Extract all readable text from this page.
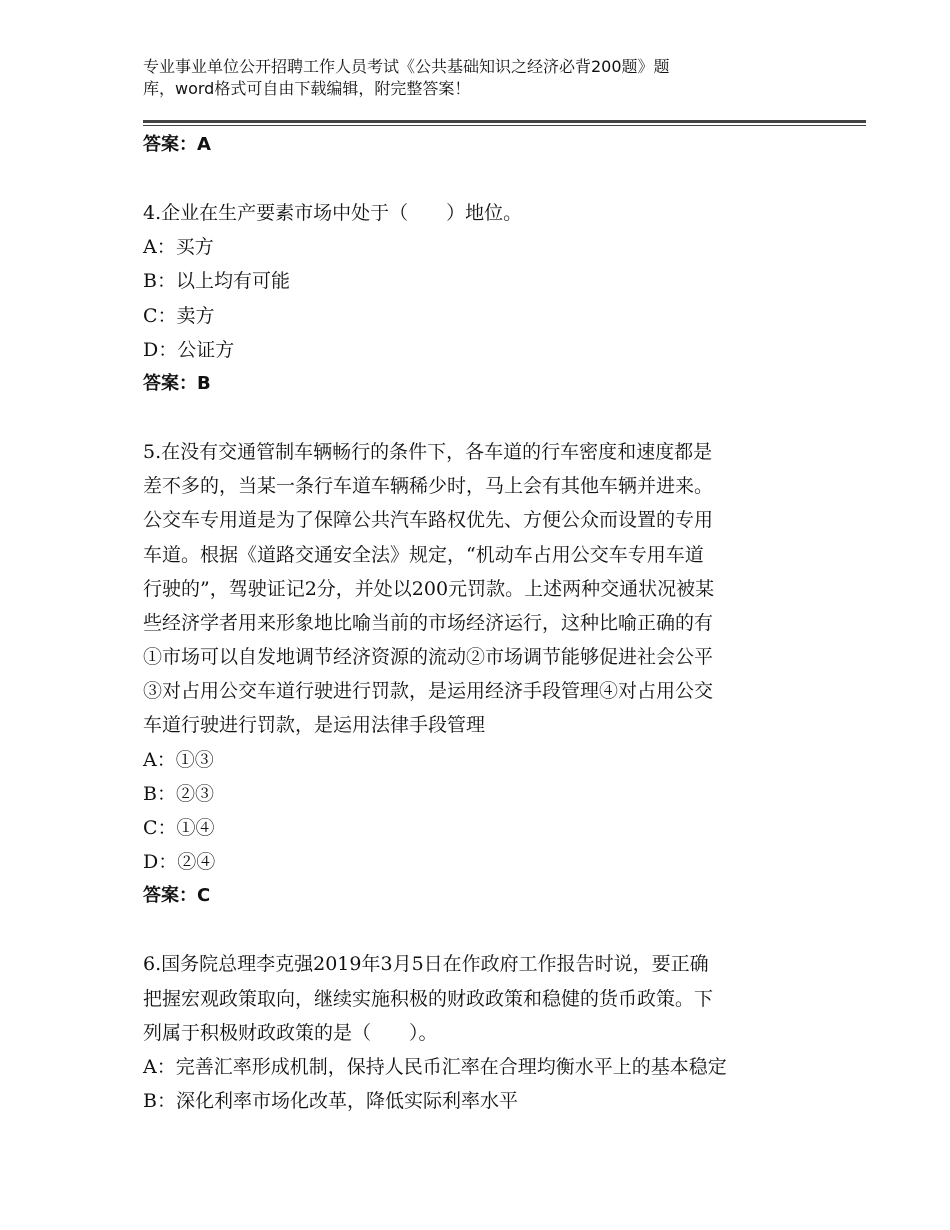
专业事业单位公开招聘工作人员考试《公共基础知识之经济必背200题》题
库，word格式可自由下载编辑，附完整答案！
答案：A
4.企业在生产要素市场中处于（　　）地位。
A：买方
B：以上均有可能
C：卖方
D：公证方
答案：B
5.在没有交通管制车辆畅行的条件下，各车道的行车密度和速度都是
差不多的，当某一条行车道车辆稀少时，马上会有其他车辆并进来。
公交车专用道是为了保障公共汽车路权优先、方便公众而设置的专用
车道。根据《道路交通安全法》规定，“机动车占用公交车专用车道
行驶的”，驾驶证记2分，并处以200元罚款。上述两种交通状况被某
些经济学者用来形象地比喻当前的市场经济运行，这种比喻正确的有
①市场可以自发地调节经济资源的流动②市场调节能够促进社会公平
③对占用公交车道行驶进行罚款，是运用经济手段管理④对占用公交
车道行驶进行罚款，是运用法律手段管理
A：①③
B：②③
C：①④
D：②④
答案：C
6.国务院总理李克强2019年3月5日在作政府工作报告时说，要正确
把握宏观政策取向，继续实施积极的财政政策和稳健的货币政策。下
列属于积极财政政策的是（　　）。
A：完善汇率形成机制，保持人民币汇率在合理均衡水平上的基本稳定
B：深化利率市场化改革，降低实际利率水平
